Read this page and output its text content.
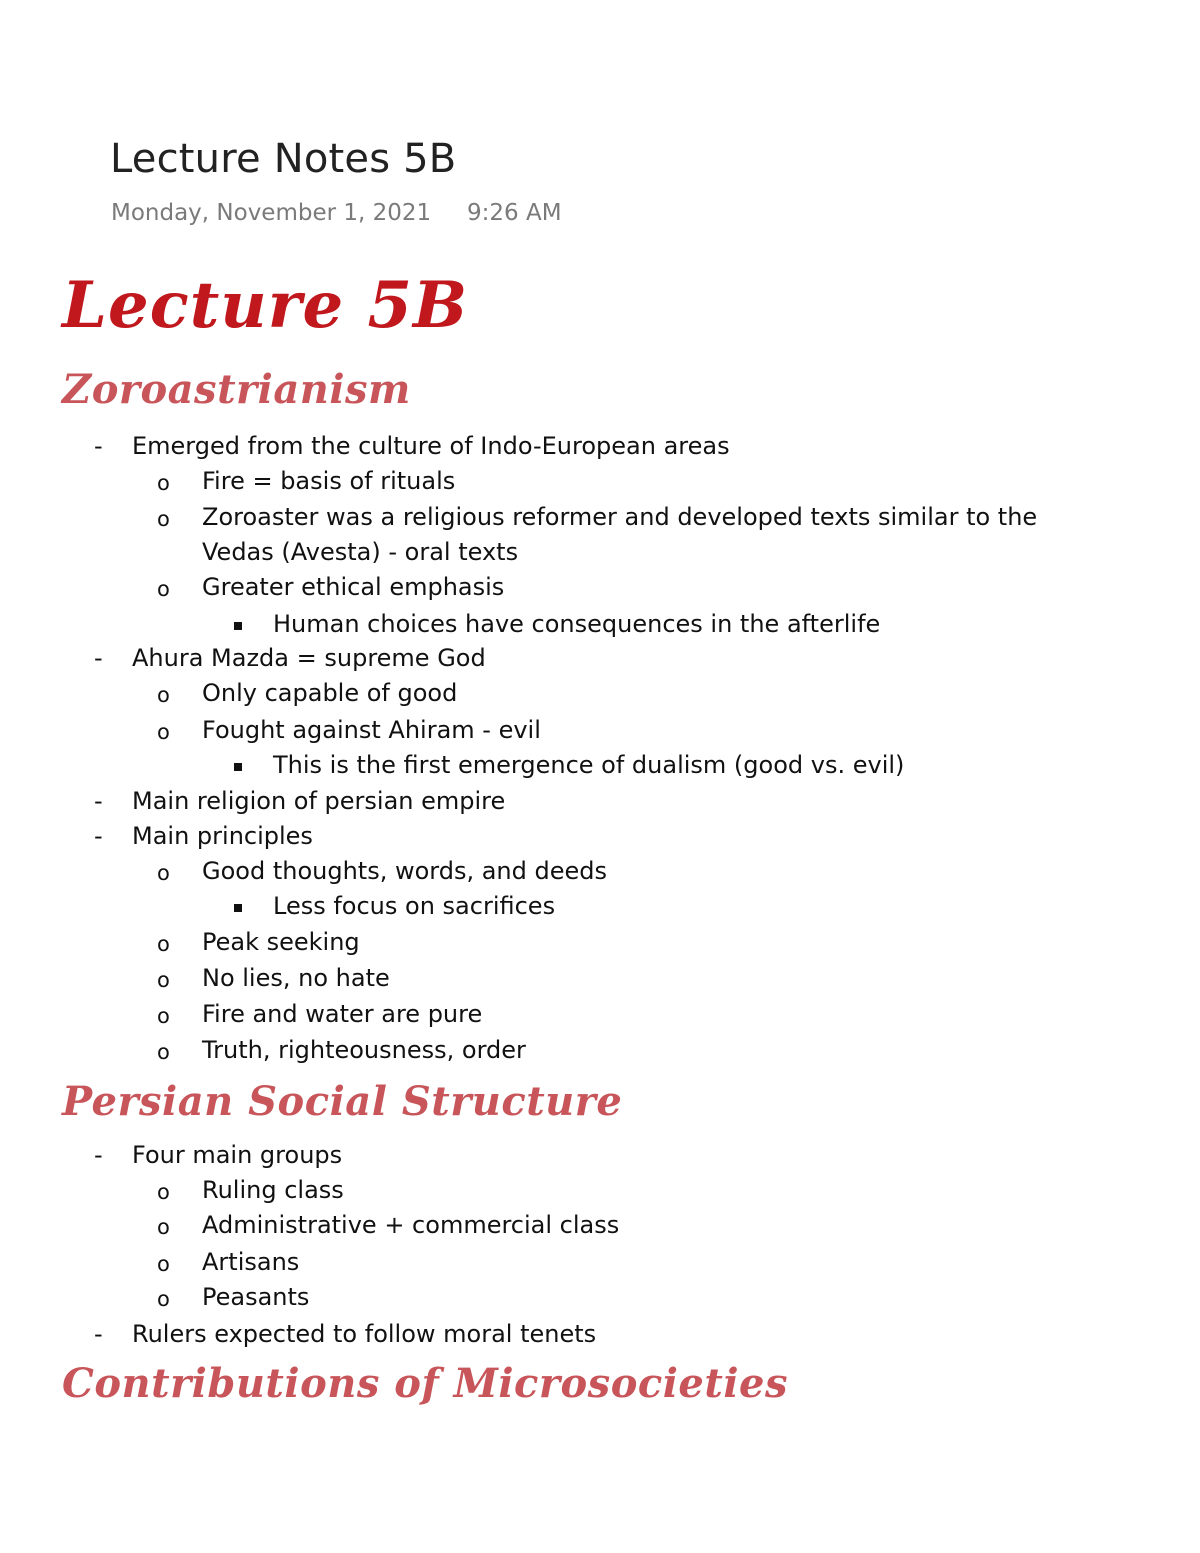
Lecture Notes 5B
Monday, November 1, 2021 9:26 AM
Lecture 5B
Zoroastrianism
- Emerged from the culture of Indo-European areas
o Fire = basis of rituals
o Zoroaster was a religious reformer and developed texts similar to the
Vedas (Avesta) - oral texts
o Greater ethical emphasis
Human choices have consequences in the afterlife
- Ahura Mazda = supreme God
o Only capable of good
o Fought against Ahiram - evil
This is the first emergence of dualism (good vs. evil)
- Main religion of persian empire
- Main principles
o Good thoughts, words, and deeds
Less focus on sacrifices
o Peak seeking
o No lies, no hate
o Fire and water are pure
o Truth, righteousness, order
Persian Social Structure
- Four main groups
o Ruling class
o Administrative + commercial class
o Artisans
o Peasants
- Rulers expected to follow moral tenets
Contributions of Microsocieties
